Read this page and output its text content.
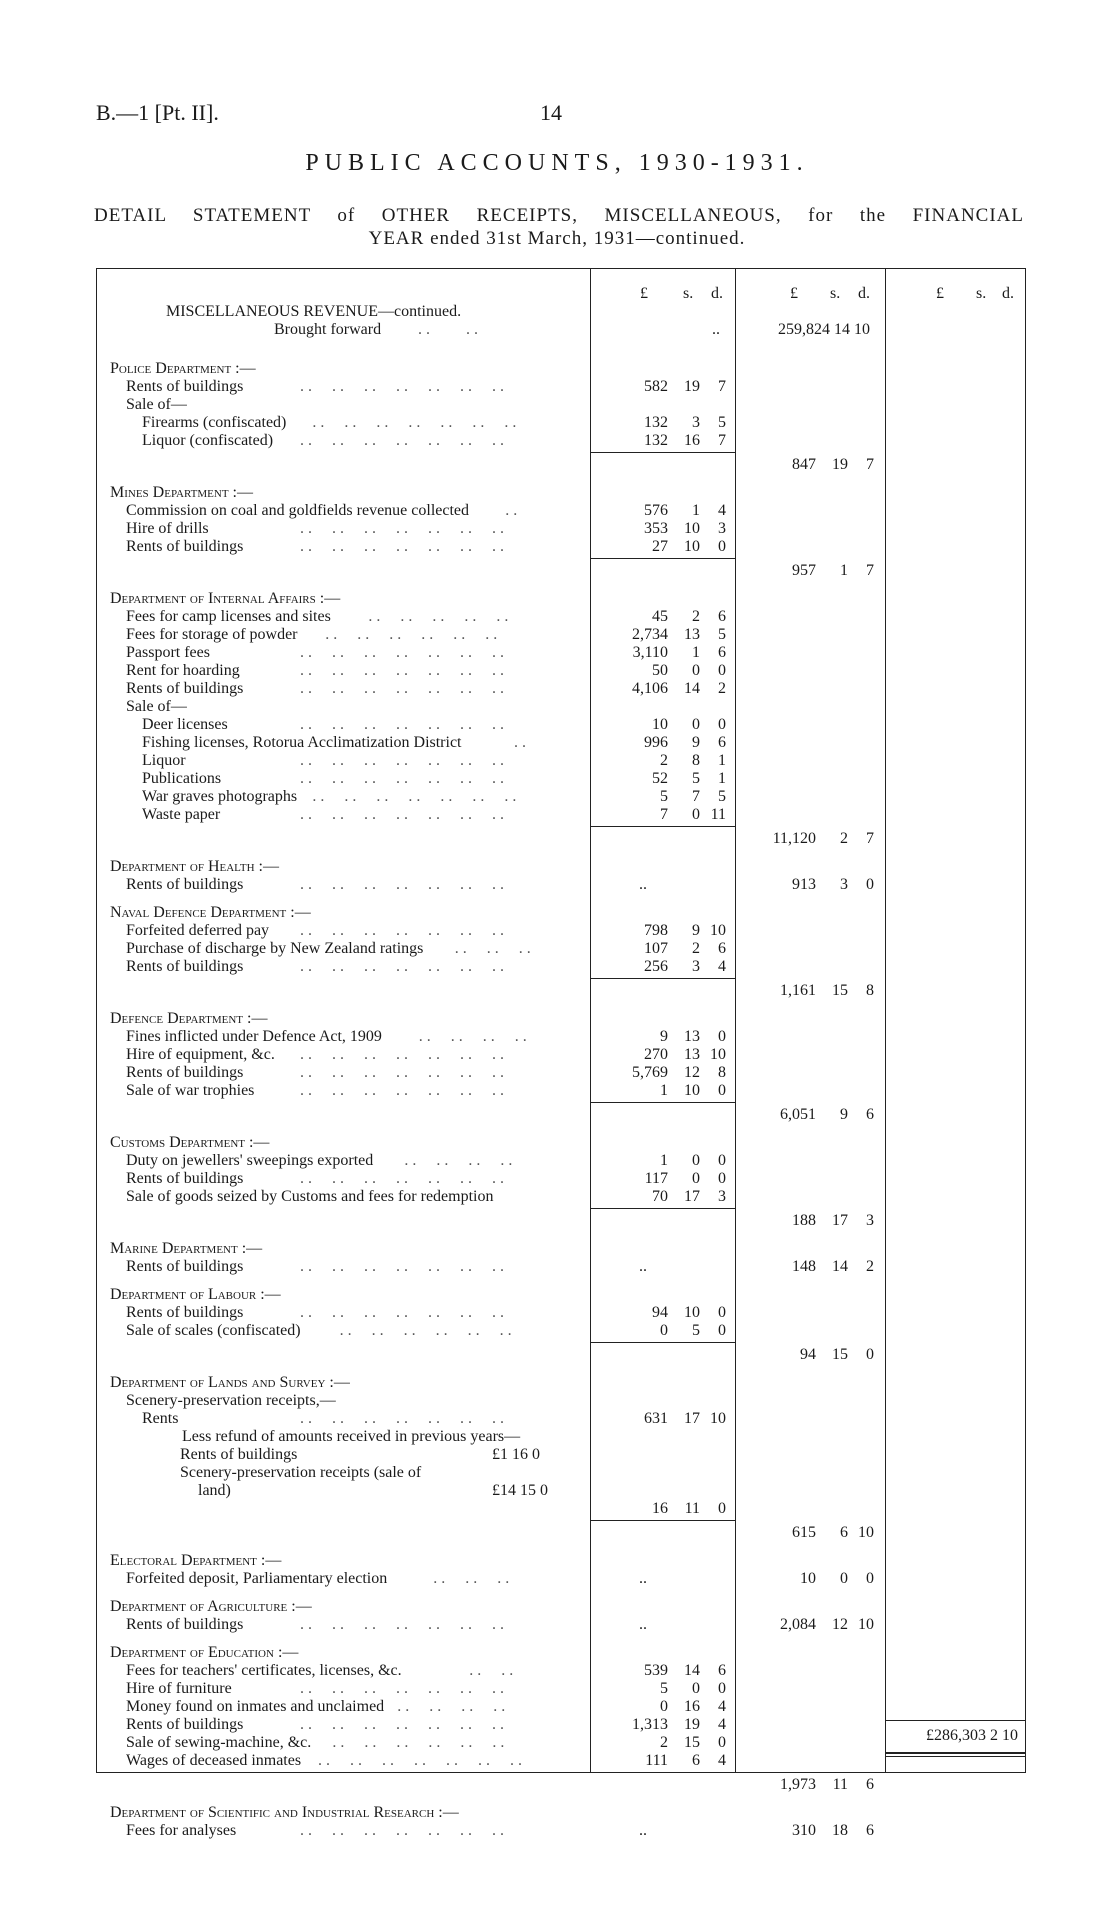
B.—1 [Pt. II].	14
PUBLIC ACCOUNTS, 1930-1931.
DETAIL STATEMENT of OTHER RECEIPTS, MISCELLANEOUS, for the FINANCIAL
YEAR ended 31st March, 1931—continued.
£ s. d.	£ s. d.	£ s. d.
MISCELLANEOUS REVENUE—continued.
Brought forward . .         . .	..	259,824 14 10
Police Department :—
Rents of buildings	. .     . .     . .     . .     . .     . .     . .	582 19 7
Sale of—
Firearms (confiscated) . .     . .     . .     . .     . .     . .     . .	132 3 5
Liquor (confiscated) . .     . .     . .     . .     . .     . .     . .	132 16 7
847 19 7
Mines Department :—
Commission on coal and goldfields revenue collected . .	576 1 4
Hire of drills	. .     . .     . .     . .     . .     . .     . .	353 10 3
Rents of buildings	. .     . .     . .     . .     . .     . .     . .	27 10 0
957 1 7
Department of Internal Affairs :—
Fees for camp licenses and sites . .     . .     . .     . .     . .	45 2 6
Fees for storage of powder . .     . .     . .     . .     . .     . .	2,734 13 5
Passport fees	. .     . .     . .     . .     . .     . .     . .	3,110 1 6
Rent for hoarding	. .     . .     . .     . .     . .     . .     . .	50 0 0
Rents of buildings	. .     . .     . .     . .     . .     . .     . .	4,106 14 2
Sale of—
Deer licenses	. .     . .     . .     . .     . .     . .     . .	10 0 0
Fishing licenses, Rotorua Acclimatization District	. .	996 9 6
Liquor	. .     . .     . .     . .     . .     . .     . .	2 8 1
Publications	. .     . .     . .     . .     . .     . .     . .	52 5 1
War graves photographs . .     . .     . .     . .     . .     . .     . .	5 7 5
Waste paper	. .     . .     . .     . .     . .     . .     . .	7 0 11
11,120 2 7
Department of Health :—
Rents of buildings	. .     . .     . .     . .     . .     . .     . .	..	913 3 0
Naval Defence Department :—
Forfeited deferred pay . .     . .     . .     . .     . .     . .     . .	798 9 10
Purchase of discharge by New Zealand ratings . .     . .     . .	107 2 6
Rents of buildings	. .     . .     . .     . .     . .     . .     . .	256 3 4
1,161 15 8
Defence Department :—
Fines inflicted under Defence Act, 1909 . .     . .     . .     . .	9 13 0
Hire of equipment, &c. . .     . .     . .     . .     . .     . .     . .	270 13 10
Rents of buildings	. .     . .     . .     . .     . .     . .     . .	5,769 12 8
Sale of war trophies	. .     . .     . .     . .     . .     . .     . .	1 10 0
6,051 9 6
Customs Department :—
Duty on jewellers' sweepings exported . .     . .     . .     . .	1 0 0
Rents of buildings	. .     . .     . .     . .     . .     . .     . .	117 0 0
Sale of goods seized by Customs and fees for redemption	70 17 3
188 17 3
Marine Department :—
Rents of buildings	. .     . .     . .     . .     . .     . .     . .	..	148 14 2
Department of Labour :—
Rents of buildings	. .     . .     . .     . .     . .     . .     . .	94 10 0
Sale of scales (confiscated) . .     . .     . .     . .     . .     . .	0 5 0
94 15 0
Department of Lands and Survey :—
Scenery-preservation receipts,—
Rents	. .     . .     . .     . .     . .     . .     . .	631 17 10
Less refund of amounts received in previous years—
Rents of buildings	£1 16 0
Scenery-preservation receipts (sale of
land)	£14 15 0
16 11 0
615 6 10
Electoral Department :—
Forfeited deposit, Parliamentary election	. .     . .     . .	..	10 0 0
Department of Agriculture :—
Rents of buildings	. .     . .     . .     . .     . .     . .     . .	..	2,084 12 10
Department of Education :—
Fees for teachers' certificates, licenses, &c.	. .     . .	539 14 6
Hire of furniture	. .     . .     . .     . .     . .     . .     . .	5 0 0
Money found on inmates and unclaimed . .     . .     . .     . .	0 16 4
Rents of buildings	. .     . .     . .     . .     . .     . .     . .	1,313 19 4
Sale of sewing-machine, &c. . .     . .     . .     . .     . .     . .	2 15 0
Wages of deceased inmates . .     . .     . .     . .     . .     . .     . .	111 6 4
1,973 11 6
Department of Scientific and Industrial Research :—
Fees for analyses	. .     . .     . .     . .     . .     . .     . .	..	310 18 6
£286,303 2 10
